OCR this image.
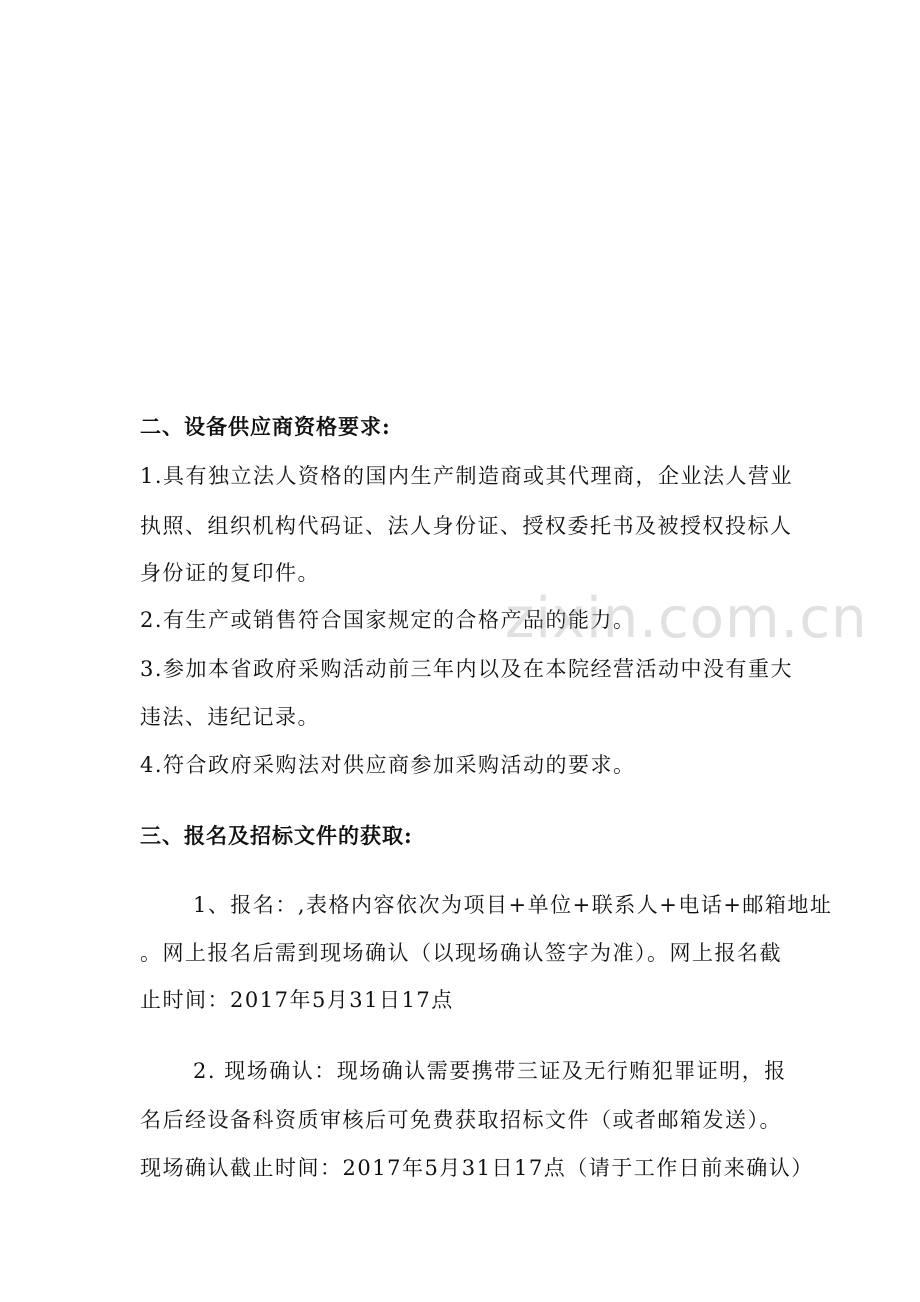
二、设备供应商资格要求:
1.具有独立法人资格的国内生产制造商或其代理商，企业法人营业
执照、组织机构代码证、法人身份证、授权委托书及被授权投标人
身份证的复印件。
2.有生产或销售符合国家规定的合格产品的能力。
3.参加本省政府采购活动前三年内以及在本院经营活动中没有重大
违法、违纪记录。
4.符合政府采购法对供应商参加采购活动的要求。
三、报名及招标文件的获取:
1、报名：,表格内容依次为项目+单位+联系人+电话+邮箱地址
。网上报名后需到现场确认（以现场确认签字为准）。网上报名截
止时间：2017年5月31日17点
2. 现场确认：现场确认需要携带三证及无行贿犯罪证明，报
名后经设备科资质审核后可免费获取招标文件（或者邮箱发送）。
现场确认截止时间：2017年5月31日17点（请于工作日前来确认）
zixin.com.cn
